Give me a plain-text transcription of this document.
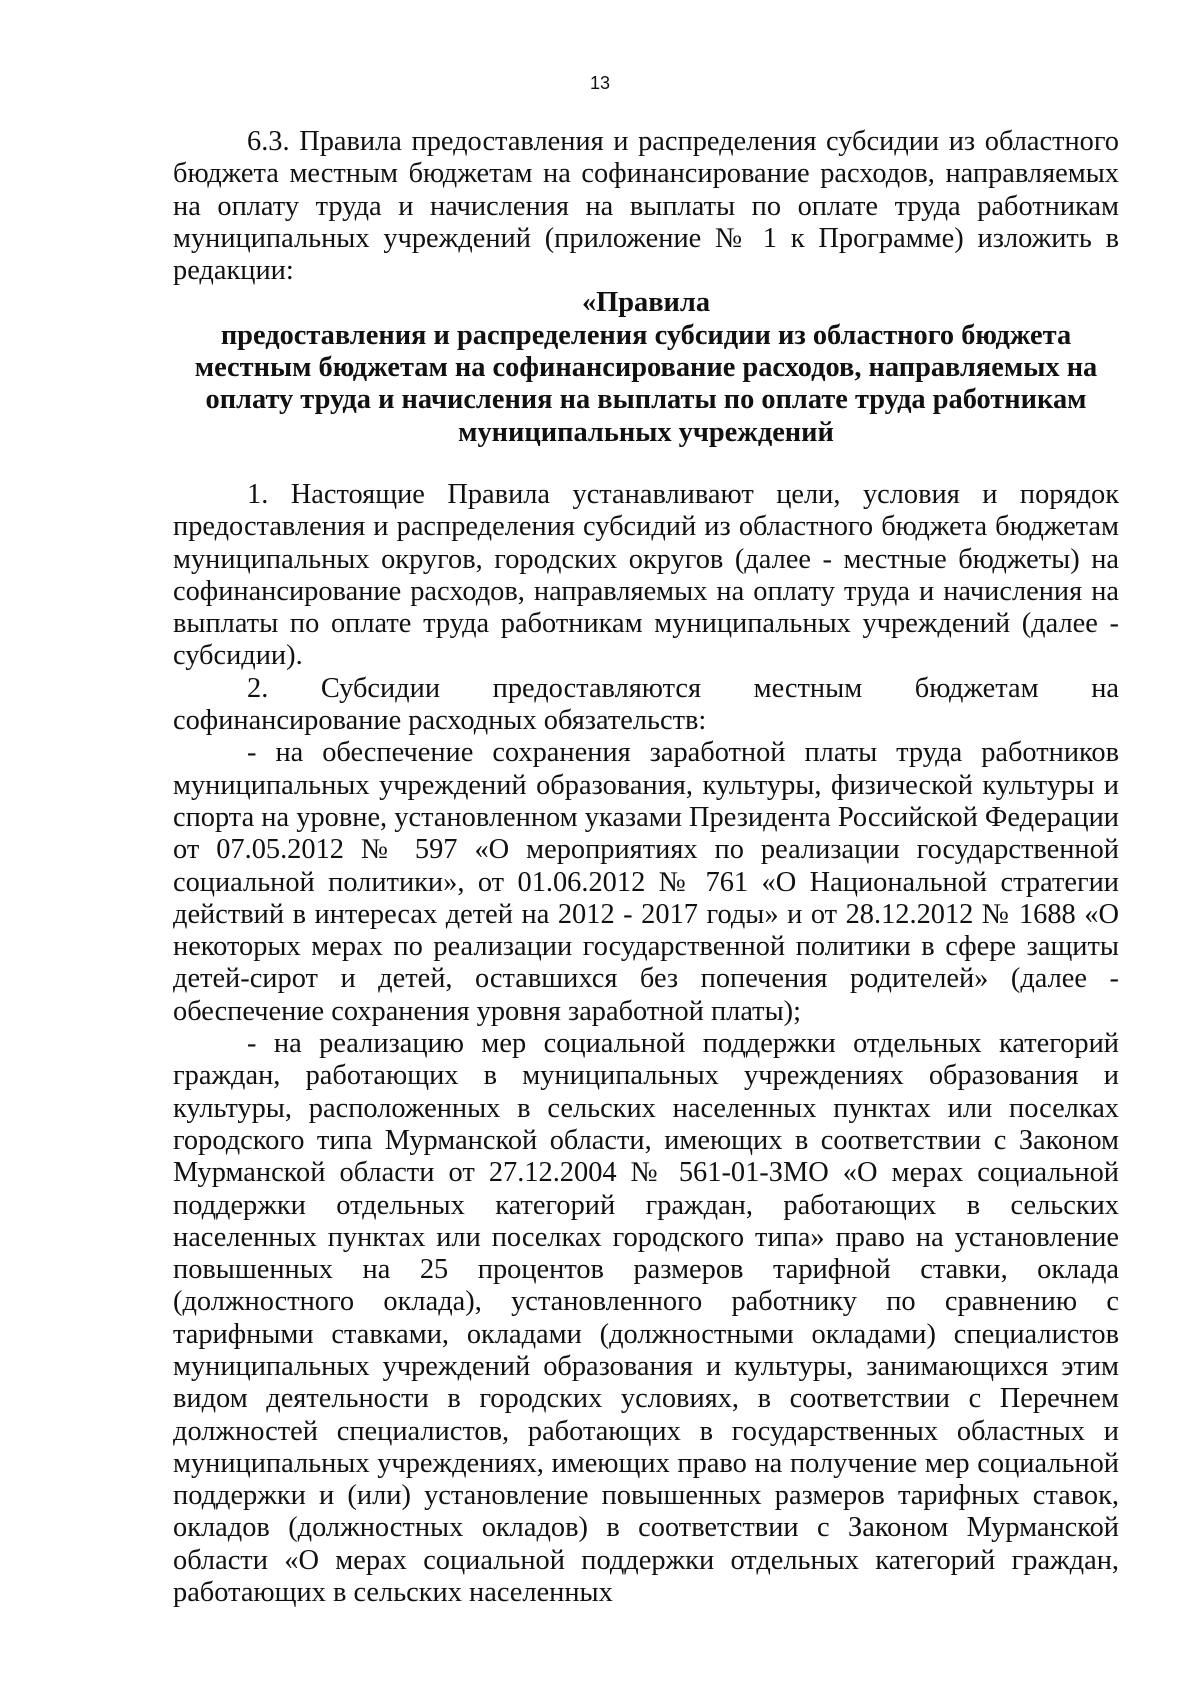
13

6.3. Правила предоставления и распределения субсидии из областного бюджета местным бюджетам на софинансирование расходов, направляемых на оплату труда и начисления на выплаты по оплате труда работникам муниципальных учреждений (приложение № 1 к Программе) изложить в редакции:

«Правила
предоставления и распределения субсидии из областного бюджета местным бюджетам на софинансирование расходов, направляемых на оплату труда и начисления на выплаты по оплате труда работникам муниципальных учреждений

1. Настоящие Правила устанавливают цели, условия и порядок предоставления и распределения субсидий из областного бюджета бюджетам муниципальных округов, городских округов (далее - местные бюджеты) на софинансирование расходов, направляемых на оплату труда и начисления на выплаты по оплате труда работникам муниципальных учреждений (далее - субсидии).

2. Субсидии предоставляются местным бюджетам на софинансирование расходных обязательств:

- на обеспечение сохранения заработной платы труда работников муниципальных учреждений образования, культуры, физической культуры и спорта на уровне, установленном указами Президента Российской Федерации от 07.05.2012 № 597 «О мероприятиях по реализации государственной социальной политики», от 01.06.2012 № 761 «О Национальной стратегии действий в интересах детей на 2012 - 2017 годы» и от 28.12.2012 № 1688 «О некоторых мерах по реализации государственной политики в сфере защиты детей-сирот и детей, оставшихся без попечения родителей» (далее - обеспечение сохранения уровня заработной платы);

- на реализацию мер социальной поддержки отдельных категорий граждан, работающих в муниципальных учреждениях образования и культуры, расположенных в сельских населенных пунктах или поселках городского типа Мурманской области, имеющих в соответствии с Законом Мурманской области от 27.12.2004 № 561-01-ЗМО «О мерах социальной поддержки отдельных категорий граждан, работающих в сельских населенных пунктах или поселках городского типа» право на установление повышенных на 25 процентов размеров тарифной ставки, оклада (должностного оклада), установленного работнику по сравнению с тарифными ставками, окладами (должностными окладами) специалистов муниципальных учреждений образования и культуры, занимающихся этим видом деятельности в городских условиях, в соответствии с Перечнем должностей специалистов, работающих в государственных областных и муниципальных учреждениях, имеющих право на получение мер социальной поддержки и (или) установление повышенных размеров тарифных ставок, окладов (должностных окладов) в соответствии с Законом Мурманской области «О мерах социальной поддержки отдельных категорий граждан, работающих в сельских населенных
